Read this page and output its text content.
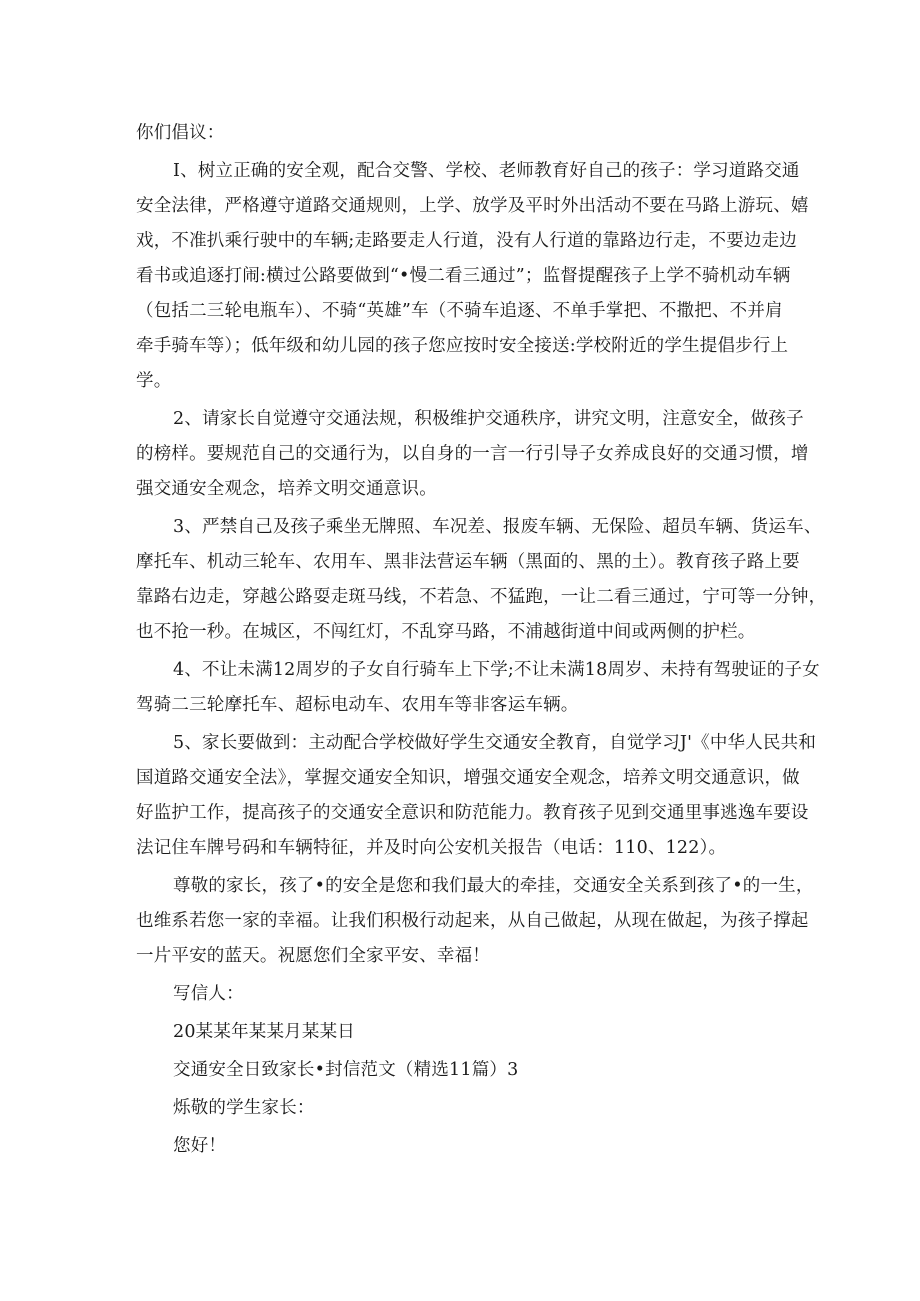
你们倡议：
I、树立正确的安全观，配合交警、学校、老师教育好自己的孩子：学习道路交通
安全法律，严格遵守道路交通规则，上学、放学及平时外出活动不要在马路上游玩、嬉
戏，不准扒乘行驶中的车辆;走路要走人行道，没有人行道的靠路边行走，不要边走边
看书或追逐打闹:横过公路要做到“•慢二看三通过”；监督提醒孩子上学不骑机动车辆
（包括二三轮电瓶车）、不骑“英雄”车（不骑车追逐、不单手掌把、不撒把、不并肩
牵手骑车等）；低年级和幼儿园的孩子您应按时安全接送:学校附近的学生提倡步行上
学。
2、请家长自觉遵守交通法规，积极维护交通秩序，讲究文明，注意安全，做孩子
的榜样。要规范自己的交通行为，以自身的一言一行引导子女养成良好的交通习惯，增
强交通安全观念，培养文明交通意识。
3、严禁自己及孩子乘坐无牌照、车况差、报废车辆、无保险、超员车辆、货运车、
摩托车、机动三轮车、农用车、黑非法营运车辆（黑面的、黑的土）。教育孩子路上要
靠路右边走，穿越公路耍走斑马线，不若急、不猛跑，一让二看三通过，宁可等一分钟，
也不抢一秒。在城区，不闯红灯，不乱穿马路，不浦越街道中间或两侧的护栏。
4、不让未满12周岁的子女自行骑车上下学;不让未满18周岁、未持有驾驶证的子女
驾骑二三轮摩托车、超标电动车、农用车等非客运车辆。
5、家长要做到：主动配合学校做好学生交通安全教育，自觉学习J'《中华人民共和
国道路交通安全法》，掌握交通安全知识，增强交通安全观念，培养文明交通意识，做
好监护工作，提高孩子的交通安全意识和防范能力。教育孩子见到交通里事逃逸车要设
法记住车牌号码和车辆特征，并及时向公安机关报告（电话：110、122）。
尊敬的家长，孩了•的安全是您和我们最大的牵挂，交通安全关系到孩了•的一生，
也维系若您一家的幸福。让我们积极行动起来，从自己做起，从现在做起，为孩子撑起
一片平安的蓝天。祝愿您们全家平安、幸福！
写信人：
20某某年某某月某某日
交通安全日致家长•封信范文（精选11篇）3
烁敬的学生家长：
您好！
